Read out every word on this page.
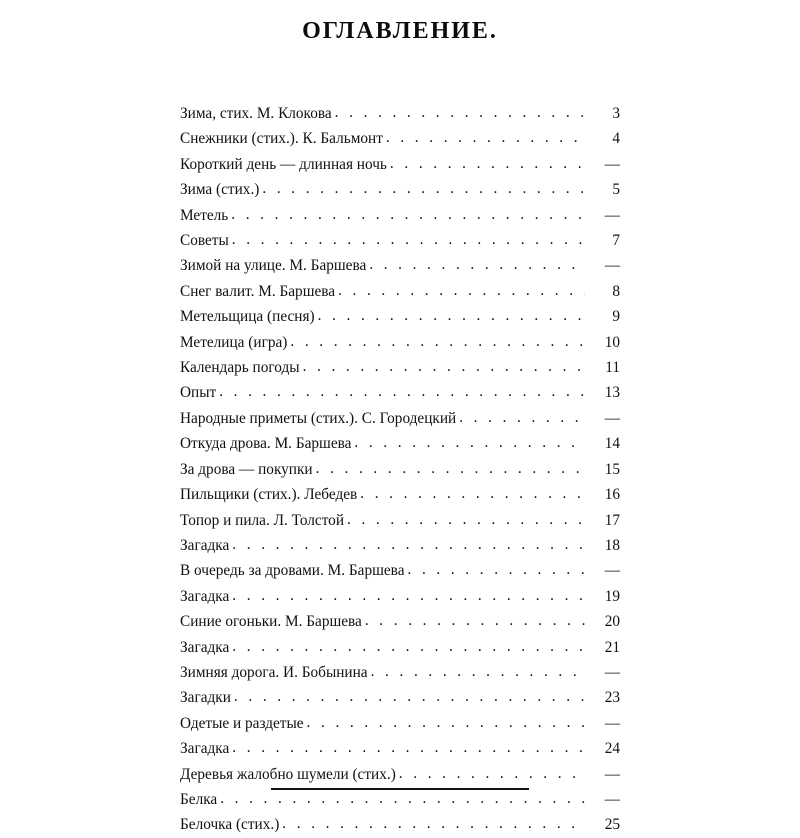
ОГЛАВЛЕНИЕ.
Зима, стих. М. Клокова . . .	3
Снежники (стих.). К. Бальмонт . . .	4
Короткий день — длинная ночь . . .	—
Зима (стих.) . . .	5
Метель . . .	—
Советы . . .	7
Зимой на улице. М. Баршева . . .	—
Снег валит. М. Баршева . . .	8
Метельщица (песня) . . .	9
Метелица (игра) . . .	10
Календарь погоды . . .	11
Опыт . . .	13
Народные приметы (стих.). С. Городецкий . . .	—
Откуда дрова. М. Баршева . . .	14
За дрова — покупки . . .	15
Пильщики (стих.). Лебедев . . .	16
Топор и пила. Л. Толстой . . .	17
Загадка . . .	18
В очередь за дровами. М. Баршева . . .	—
Загадка . . .	19
Синие огоньки. М. Баршева . . .	20
Загадка . . .	21
Зимняя дорога. И. Бобынина . . .	—
Загадки . . .	23
Одетые и раздетые . . .	—
Загадка . . .	24
Деревья жалобно шумели (стих.) . . .	—
Белка . . .	—
Белочка (стих.) . . .	25
